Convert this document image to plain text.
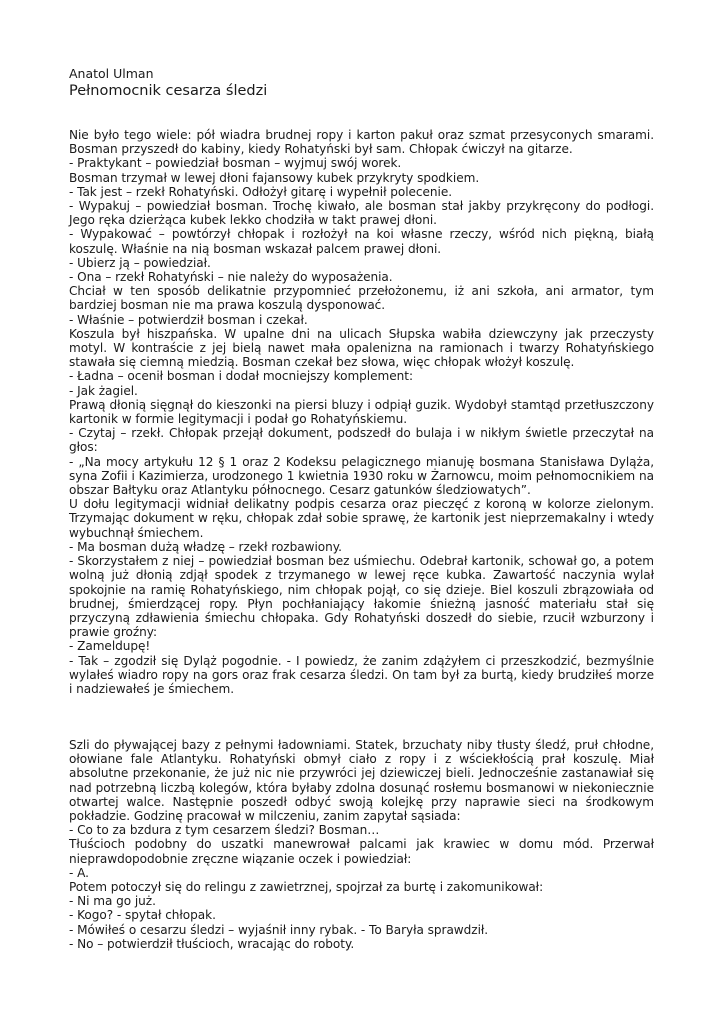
Anatol Ulman
Pełnomocnik cesarza śledzi

Nie było tego wiele: pół wiadra brudnej ropy i karton pakuł oraz szmat przesyconych smarami. Bosman przyszedł do kabiny, kiedy Rohatyński był sam. Chłopak ćwiczył na gitarze.

- Praktykant – powiedział bosman – wyjmuj swój worek.

Bosman trzymał w lewej dłoni fajansowy kubek przykryty spodkiem.

- Tak jest – rzekł Rohatyński. Odłożył gitarę i wypełnił polecenie.

- Wypakuj – powiedział bosman. Trochę kiwało, ale bosman stał jakby przykręcony do podłogi. Jego ręka dzierżąca kubek lekko chodziła w takt prawej dłoni.

- Wypakować – powtórzył chłopak i rozłożył na koi własne rzeczy, wśród nich piękną, białą koszulę. Właśnie na nią bosman wskazał palcem prawej dłoni.

- Ubierz ją – powiedział.

- Ona – rzekł Rohatyński – nie należy do wyposażenia.

Chciał w ten sposób delikatnie przypomnieć przełożonemu, iż ani szkoła, ani armator, tym bardziej bosman nie ma prawa koszulą dysponować.

- Właśnie – potwierdził bosman i czekał.

Koszula był hiszpańska. W upalne dni na ulicach Słupska wabiła dziewczyny jak przeczysty motyl. W kontraście z jej bielą nawet mała opalenizna na ramionach i twarzy Rohatyńskiego stawała się ciemną miedzią. Bosman czekał bez słowa, więc chłopak włożył koszulę.

- Ładna – ocenił bosman i dodał mocniejszy komplement:

- Jak żagiel.

Prawą dłonią sięgnął do kieszonki na piersi bluzy i odpiął guzik. Wydobył stamtąd przetłuszczony kartonik w formie legitymacji i podał go Rohatyńskiemu.

- Czytaj – rzekł. Chłopak przejął dokument, podszedł do bulaja i w nikłym świetle przeczytał na głos:

- „Na mocy artykułu 12 § 1 oraz 2 Kodeksu pelagicznego mianuję bosmana Stanisława Dyląża, syna Zofii i Kazimierza, urodzonego 1 kwietnia 1930 roku w Żarnowcu, moim pełnomocnikiem na obszar Bałtyku oraz Atlantyku północnego. Cesarz gatunków śledziowatych”.

U dołu legitymacji widniał delikatny podpis cesarza oraz pieczęć z koroną w kolorze zielonym. Trzymając dokument w ręku, chłopak zdał sobie sprawę, że kartonik jest nieprzemakalny i wtedy wybuchnął śmiechem.

- Ma bosman dużą władzę – rzekł rozbawiony.

- Skorzystałem z niej – powiedział bosman bez uśmiechu. Odebrał kartonik, schował go, a potem wolną już dłonią zdjął spodek z trzymanego w lewej ręce kubka. Zawartość naczynia wylał spokojnie na ramię Rohatyńskiego, nim chłopak pojął, co się dzieje. Biel koszuli zbrązowiała od brudnej, śmierdzącej ropy. Płyn pochłaniający łakomie śnieżną jasność materiału stał się przyczyną zdławienia śmiechu chłopaka. Gdy Rohatyński doszedł do siebie, rzucił wzburzony i prawie groźny:

- Zameldupę!

- Tak – zgodził się Dyląż pogodnie. - I powiedz, że zanim zdążyłem ci przeszkodzić, bezmyślnie wylałeś wiadro ropy na gors oraz frak cesarza śledzi. On tam był za burtą, kiedy brudziłeś morze i nadziewałeś je śmiechem.

Szli do pływającej bazy z pełnymi ładowniami. Statek, brzuchaty niby tłusty śledź, pruł chłodne, ołowiane fale Atlantyku. Rohatyński obmył ciało z ropy i z wściekłością prał koszulę. Miał absolutne przekonanie, że już nic nie przywróci jej dziewiczej bieli. Jednocześnie zastanawiał się nad potrzebną liczbą kolegów, która byłaby zdolna dosunąć rosłemu bosmanowi w niekoniecznie otwartej walce. Następnie poszedł odbyć swoją kolejkę przy naprawie sieci na środkowym pokładzie. Godzinę pracował w milczeniu, zanim zapytał sąsiada:

- Co to za bzdura z tym cesarzem śledzi? Bosman…

Tłuścioch podobny do uszatki manewrował palcami jak krawiec w domu mód. Przerwał nieprawdopodobnie zręczne wiązanie oczek i powiedział:

- A.

Potem potoczył się do relingu z zawietrznej, spojrzał za burtę i zakomunikował:

- Ni ma go już.

- Kogo? - spytał chłopak.

- Mówiłeś o cesarzu śledzi – wyjaśnił inny rybak. - To Baryła sprawdził.

- No – potwierdził tłuścioch, wracając do roboty.
